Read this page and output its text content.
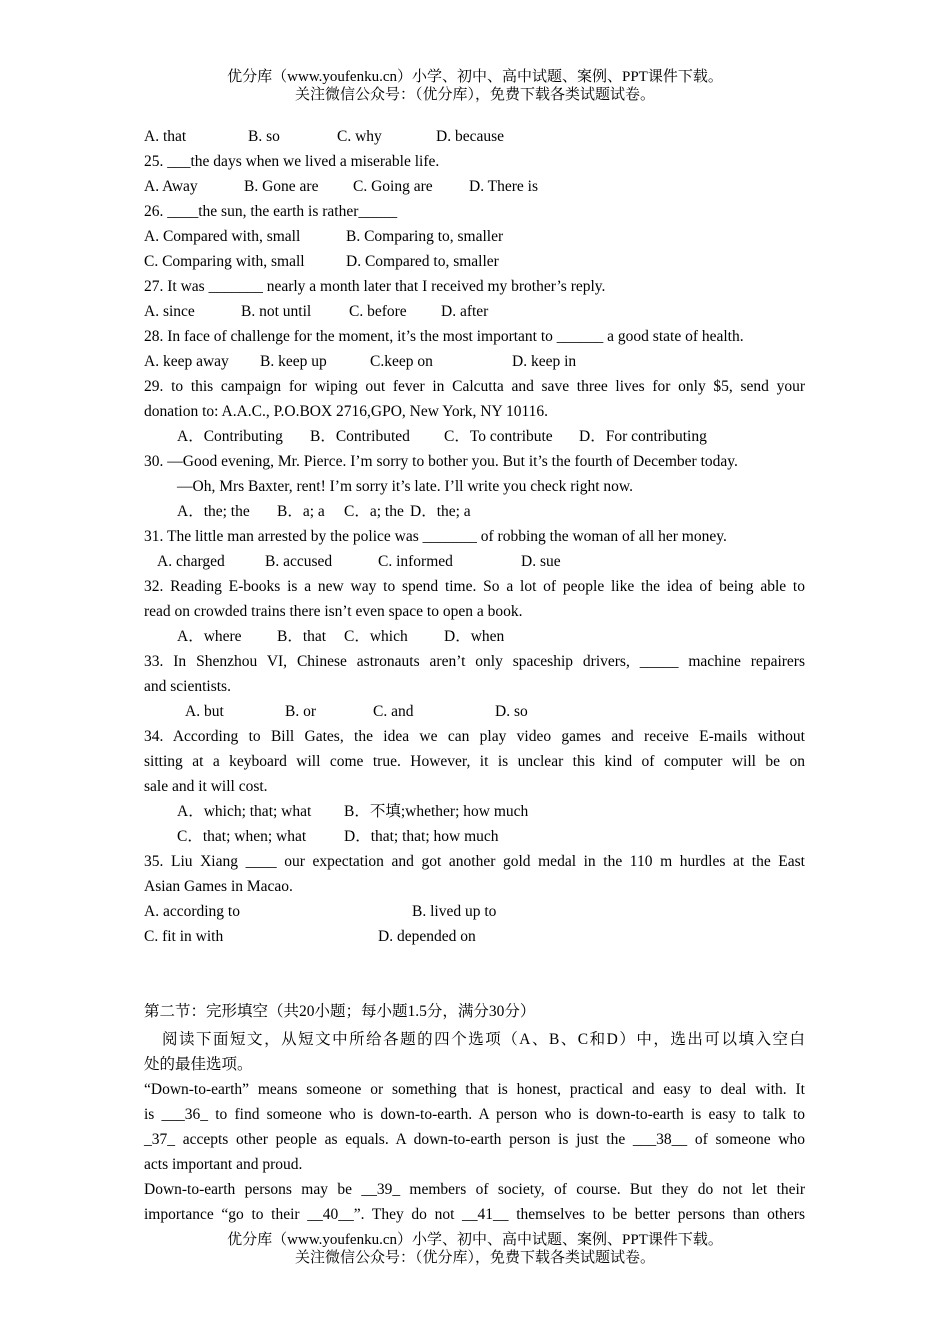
优分库（www.youfenku.cn）小学、初中、高中试题、案例、PPT课件下载。
关注微信公众号：（优分库），免费下载各类试题试卷。
A. that	B. so	C. why	D. because
25. ___the days when we lived a miserable life.
A. Away	B. Gone are C. Going are D. There is
26. ____the sun, the earth is rather_____
A. Compared with, small	B. Comparing to, smaller
C. Comparing with, small	D. Compared to, smaller
27. It was _______ nearly a month later that I received my brother’s reply.
A. since	B. not until C. before D. after
28. In face of challenge for the moment, it’s the most important to ______ a good state of health.
A. keep away B. keep up	C.keep on	D. keep in
29. to this campaign for wiping out fever in Calcutta and save three lives for only $5, send your
donation to: A.A.C., P.O.BOX 2716,GPO, New York, NY 10116.
A．Contributing B．Contributed C．To contribute D．For contributing
30. —Good evening, Mr. Pierce. I’m sorry to bother you. But it’s the fourth of December today.
—Oh, Mrs Baxter, rent! I’m sorry it’s late. I’ll write you check right now.
A．the; the B．a; a C．a; the D．the; a
31. The little man arrested by the police was _______ of robbing the woman of all her money.
A. charged	B. accused	C. informed	D. sue
32. Reading E-books is a new way to spend time. So a lot of people like the idea of being able to
read on crowded trains there isn’t even space to open a book.
A．where B．that C．which D．when
33. In Shenzhou VI, Chinese astronauts aren’t only spaceship drivers, _____ machine repairers
and scientists.
A. but	B. or	C. and	D. so
34. According to Bill Gates, the idea we can play video games and receive E-mails without
sitting at a keyboard will come true. However, it is unclear this kind of computer will be on
sale and it will cost.
A．which; that; what B．不填;whether; how much
C．that; when; what D．that; that; how much
35. Liu Xiang ____ our expectation and got another gold medal in the 110 m hurdles at the East
Asian Games in Macao.
A. according to	B. lived up to
C. fit in with	D. depended on
第二节：完形填空（共20小题；每小题1.5分，满分30分）
阅读下面短文，从短文中所给各题的四个选项（A、B、C和D）中，选出可以填入空白
处的最佳选项。
“Down-to-earth” means someone or something that is honest, practical and easy to deal with. It
is ___36_ to find someone who is down-to-earth. A person who is down-to-earth is easy to talk to
_37_ accepts other people as equals. A down-to-earth person is just the ___38__ of someone who
acts important and proud.
Down-to-earth persons may be __39_ members of society, of course. But they do not let their
importance “go to their __40__”. They do not __41__ themselves to be better persons than others
优分库（www.youfenku.cn）小学、初中、高中试题、案例、PPT课件下载。
关注微信公众号：（优分库），免费下载各类试题试卷。
